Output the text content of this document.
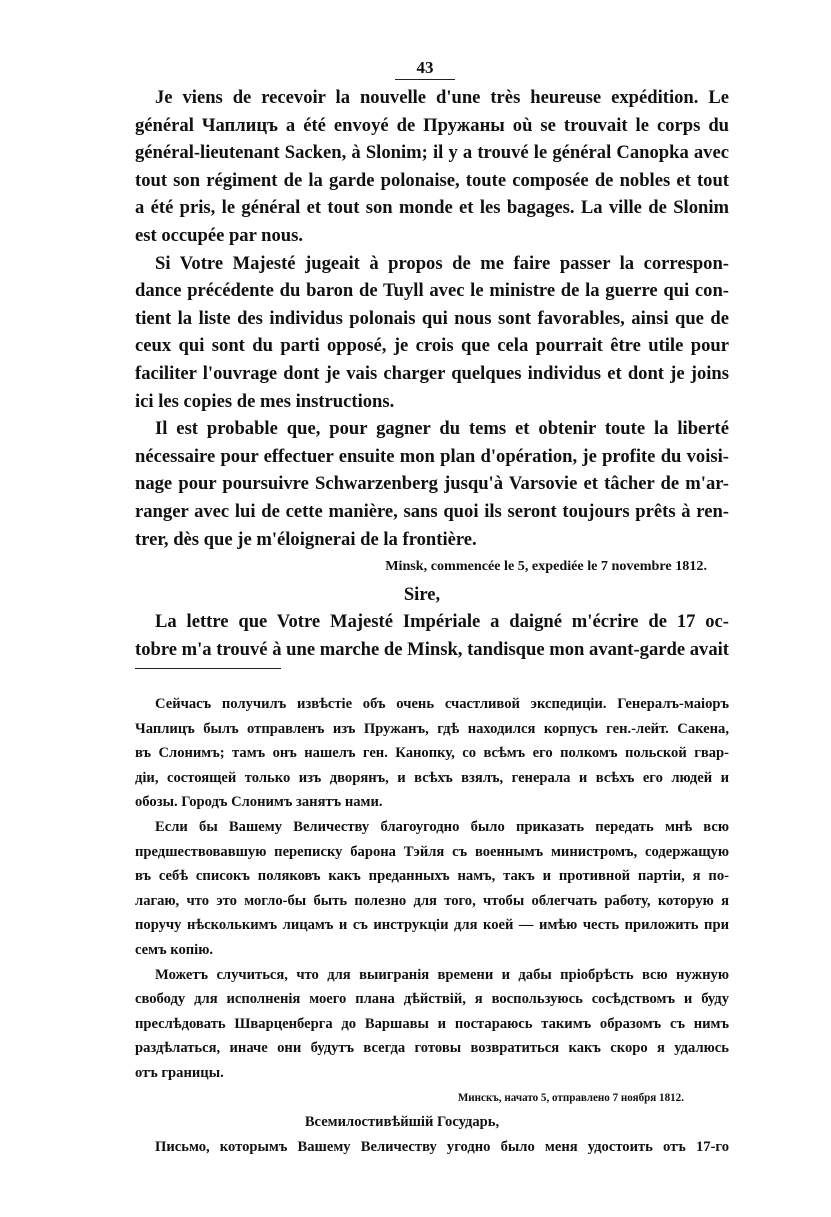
43
Je viens de recevoir la nouvelle d'une très heureuse expédition. Le
général Чаплицъ a été envoyé de Пружаны où se trouvait le corps du
général-lieutenant Sacken, à Slonim; il y a trouvé le général Canopka avec
tout son régiment de la garde polonaise, toute composée de nobles et tout
a été pris, le général et tout son monde et les bagages. La ville de Slonim
est occupée par nous.
Si Votre Majesté jugeait à propos de me faire passer la correspon-
dance précédente du baron de Tuyll avec le ministre de la guerre qui con-
tient la liste des individus polonais qui nous sont favorables, ainsi que de
ceux qui sont du parti opposé, je crois que cela pourrait être utile pour
faciliter l'ouvrage dont je vais charger quelques individus et dont je joins
ici les copies de mes instructions.
Il est probable que, pour gagner du tems et obtenir toute la liberté
nécessaire pour effectuer ensuite mon plan d'opération, je profite du voisi-
nage pour poursuivre Schwarzenberg jusqu'à Varsovie et tâcher de m'ar-
ranger avec lui de cette manière, sans quoi ils seront toujours prêts à ren-
trer, dès que je m'éloignerai de la frontière.
Minsk, commencée le 5, expediée le 7 novembre 1812.
Sire,
La lettre que Votre Majesté Impériale a daigné m'écrire de 17 oc-
tobre m'a trouvé à une marche de Minsk, tandisque mon avant-garde avait
Сейчасъ получилъ извѣстіе объ очень счастливой экспедиціи. Генералъ-маіоръ
Чаплицъ былъ отправленъ изъ Пружанъ, гдѣ находился корпусъ ген.-лейт. Сакена,
въ Слонимъ; тамъ онъ нашелъ ген. Канопку, со всѣмъ его полкомъ польской гвар-
діи, состоящей только изъ дворянъ, и всѣхъ взялъ, генерала и всѣхъ его людей и
обозы. Городъ Слонимъ занятъ нами.
Если бы Вашему Величеству благоугодно было приказать передать мнѣ всю
предшествовавшую переписку барона Тэйля съ военнымъ министромъ, содержащую
въ себѣ списокъ поляковъ какъ преданныхъ намъ, такъ и противной партіи, я по-
лагаю, что это могло-бы быть полезно для того, чтобы облегчать работу, которую я
поручу нѣсколькимъ лицамъ и съ инструкціи для коей — имѣю честь приложить при
семъ копію.
Можетъ случиться, что для выигранія времени и дабы пріобрѣсть всю нужную
свободу для исполненія моего плана дѣйствій, я воспользуюсь сосѣдствомъ и буду
преслѣдовать Шварценберга до Варшавы и постараюсь такимъ образомъ съ нимъ
раздѣлаться, иначе они будутъ всегда готовы возвратиться какъ скоро я удалюсь
отъ границы.
Минскъ, начато 5, отправлено 7 ноября 1812.
Всемилостивѣйшій Государь,
Письмо, которымъ Вашему Величеству угодно было меня удостоить отъ 17-го
